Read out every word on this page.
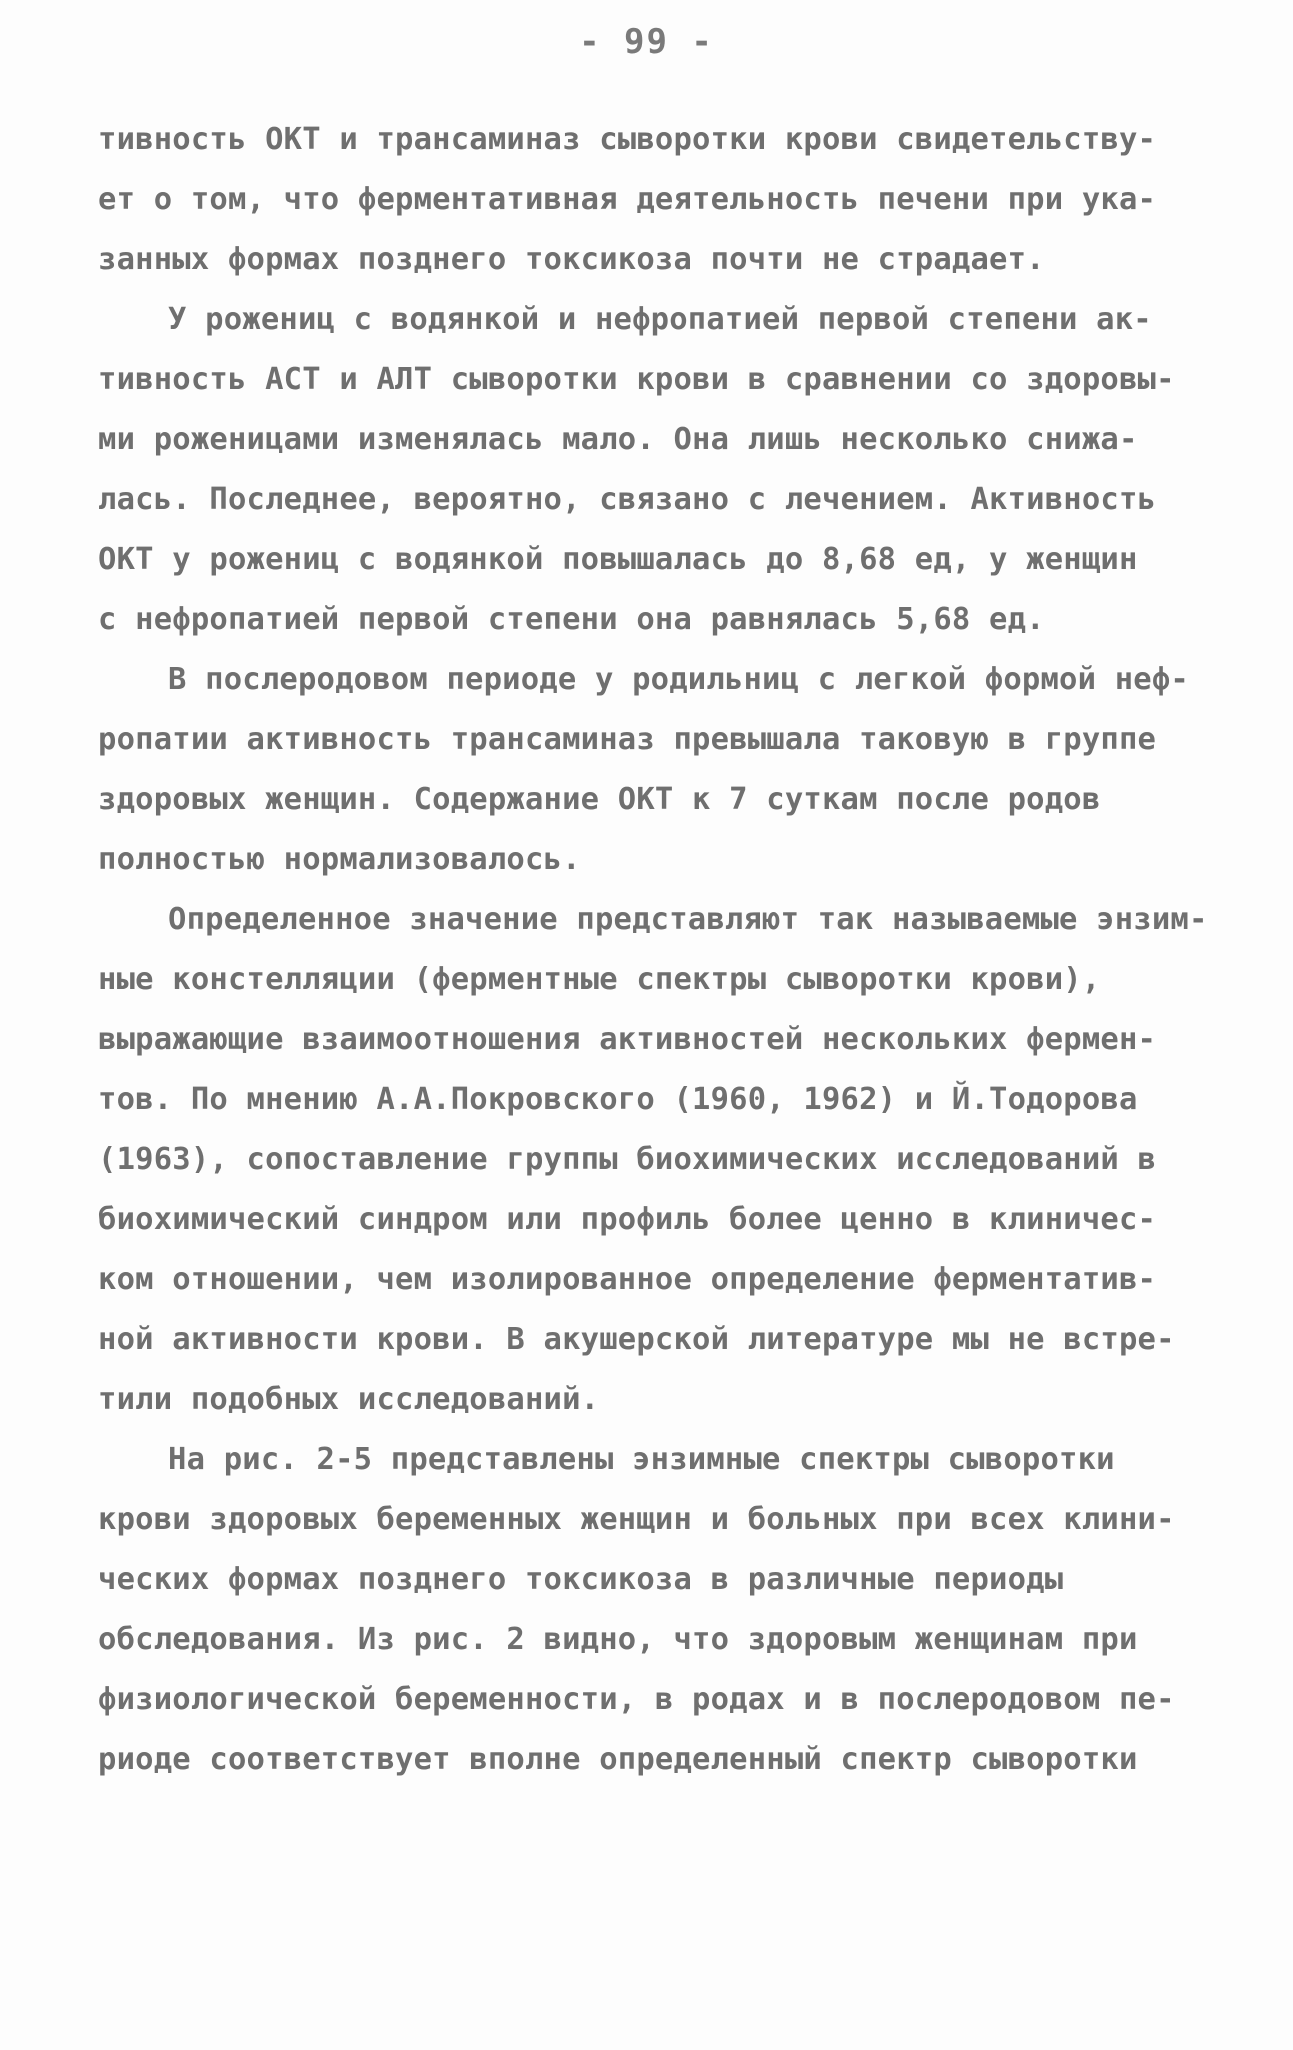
- 99 -
тивность ОКТ и трансаминаз сыворотки крови свидетельству-
ет о том, что ферментативная деятельность печени при ука-
занных формах позднего токсикоза почти не страдает.
У рожениц с водянкой и нефропатией первой степени ак-
тивность АСТ и АЛТ сыворотки крови в сравнении со здоровы-
ми роженицами изменялась мало. Она лишь несколько снижа-
лась. Последнее, вероятно, связано с лечением. Активность
ОКТ у рожениц с водянкой повышалась до 8,68 ед, у женщин
с нефропатией первой степени она равнялась 5,68 ед.
В послеродовом периоде у родильниц с легкой формой неф-
ропатии активность трансаминаз превышала таковую в группе
здоровых женщин. Содержание ОКТ к 7 суткам после родов
полностью нормализовалось.
Определенное значение представляют так называемые энзим-
ные констелляции (ферментные спектры сыворотки крови),
выражающие взаимоотношения активностей нескольких фермен-
тов. По мнению А.А.Покровского (1960, 1962) и Й.Тодорова
(1963), сопоставление группы биохимических исследований в
биохимический синдром или профиль более ценно в клиничес-
ком отношении, чем изолированное определение ферментатив-
ной активности крови. В акушерской литературе мы не встре-
тили подобных исследований.
На рис. 2-5 представлены энзимные спектры сыворотки
крови здоровых беременных женщин и больных при всех клини-
ческих формах позднего токсикоза в различные периоды
обследования. Из рис. 2 видно, что здоровым женщинам при
физиологической беременности, в родах и в послеродовом пе-
риоде соответствует вполне определенный спектр сыворотки
